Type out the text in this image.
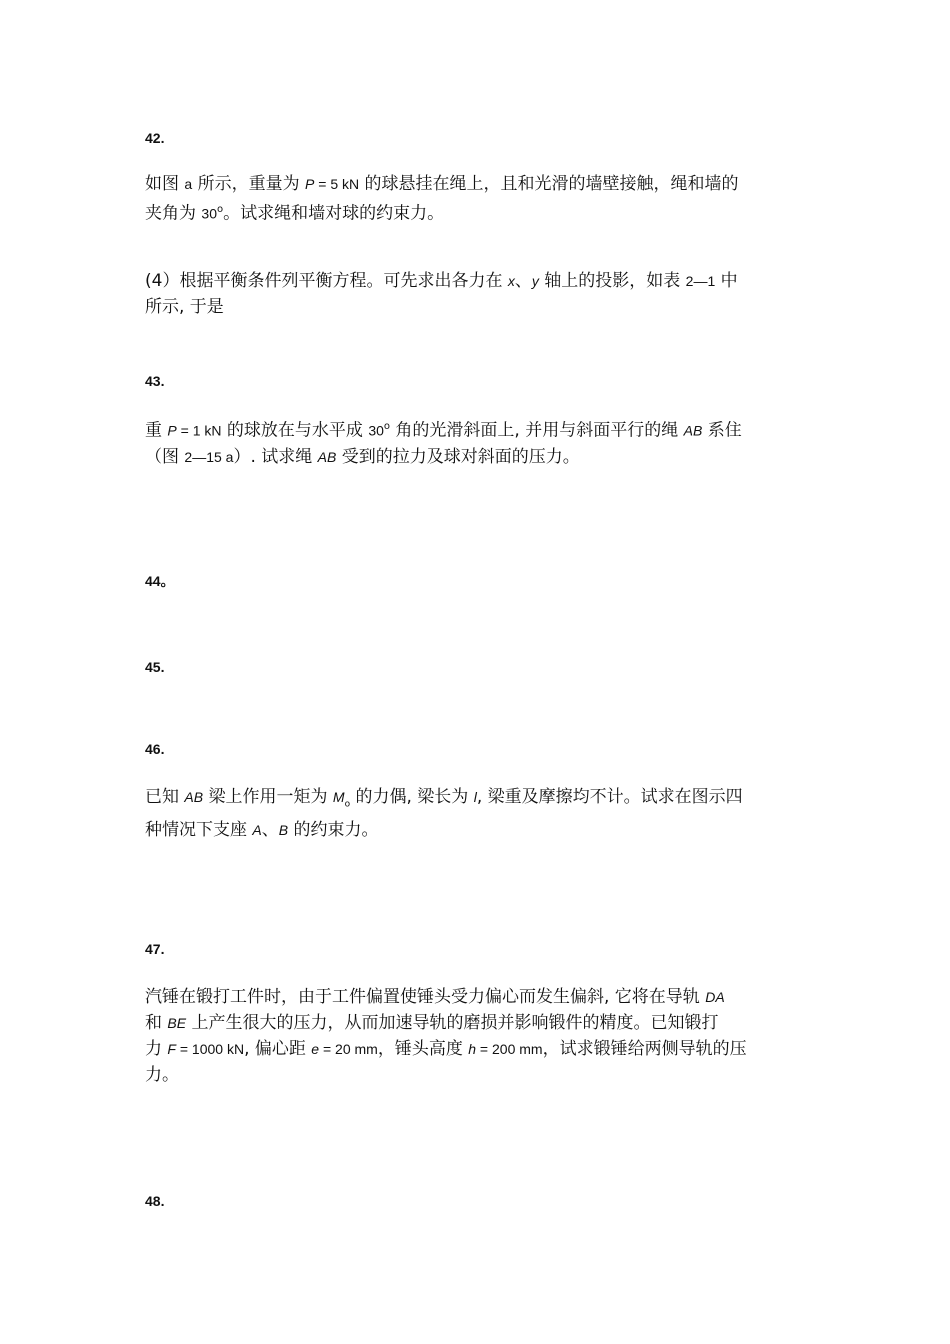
42.
如图 a 所示，重量为 P = 5 kN 的球悬挂在绳上，且和光滑的墙壁接触，绳和墙的
夹角为 30$^o$。试求绳和墙对球的约束力。
(4）根据平衡条件列平衡方程。可先求出各力在 x、y 轴上的投影，如表 2—1 中
所示, 于是
43.
重 P = 1 kN 的球放在与水平成 30$^o$ 角的光滑斜面上, 并用与斜面平行的绳 AB 系住
（图 2—15 a）. 试求绳 AB 受到的拉力及球对斜面的压力。
44。
45.
46.
已知 AB 梁上作用一矩为 $M_o$ 的力偶, 梁长为 l, 梁重及摩擦均不计。试求在图示四
种情况下支座 A、B 的约束力。
47.
汽锤在锻打工件时，由于工件偏置使锤头受力偏心而发生偏斜, 它将在导轨 DA
和 BE 上产生很大的压力，从而加速导轨的磨损并影响锻件的精度。已知锻打
力 F = 1000 kN, 偏心距 e = 20 mm，锤头高度 h = 200 mm，试求锻锤给两侧导轨的压
力。
48.
